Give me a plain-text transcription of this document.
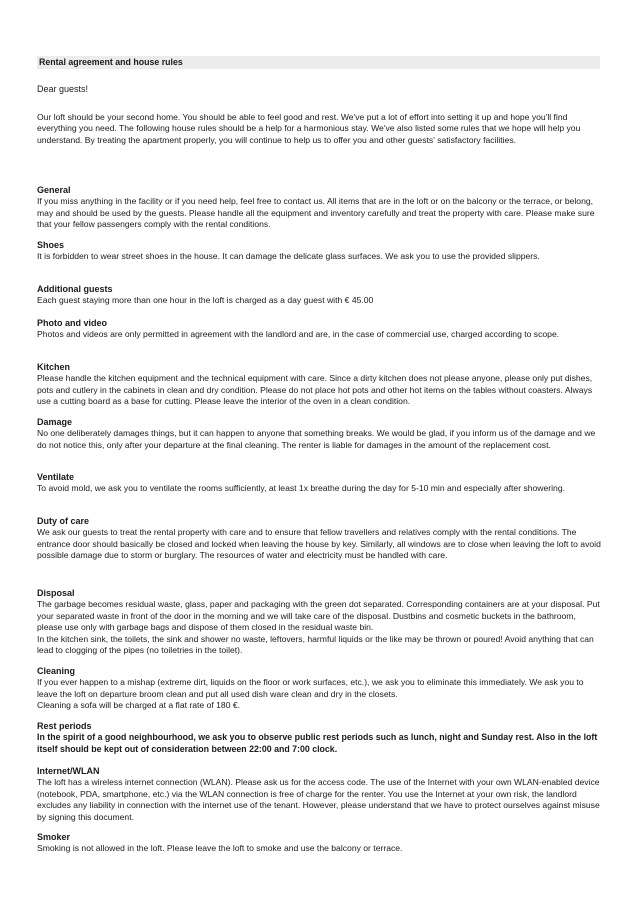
Rental agreement and house rules
Dear guests!
Our loft should be your second home. You should be able to feel good and rest. We've put a lot of effort into setting it up and hope you'll find everything you need. The following house rules should be a help for a harmonious stay. We've also listed some rules that we hope will help you understand. By treating the apartment properly, you will continue to help us to offer you and other guests' satisfactory facilities.

General

If you miss anything in the facility or if you need help, feel free to contact us. All items that are in the loft or on the balcony or the terrace, or belong, may and should be used by the guests. Please handle all the equipment and inventory carefully and treat the property with care. Please make sure that your fellow passengers comply with the rental conditions.

Shoes

It is forbidden to wear street shoes in the house. It can damage the delicate glass surfaces. We ask you to use the provided slippers.

Additional guests

Each guest staying more than one hour in the loft is charged as a day guest with € 45.00

Photo and video

Photos and videos are only permitted in agreement with the landlord and are, in the case of commercial use, charged according to scope.

Kitchen

Please handle the kitchen equipment and the technical equipment with care. Since a dirty kitchen does not please anyone, please only put dishes, pots and cutlery in the cabinets in clean and dry condition. Please do not place hot pots and other hot items on the tables without coasters. Always use a cutting board as a base for cutting. Please leave the interior of the oven in a clean condition.

Damage

No one deliberately damages things, but it can happen to anyone that something breaks. We would be glad, if you inform us of the damage and we do not notice this, only after your departure at the final cleaning. The renter is liable for damages in the amount of the replacement cost.

Ventilate

To avoid mold, we ask you to ventilate the rooms sufficiently, at least 1x breathe during the day for 5-10 min and especially after showering.

Duty of care

We ask our guests to treat the rental property with care and to ensure that fellow travellers and relatives comply with the rental conditions. The entrance door should basically be closed and locked when leaving the house by key. Similarly, all windows are to close when leaving the loft to avoid possible damage due to storm or burglary. The resources of water and electricity must be handled with care.

Disposal

The garbage becomes residual waste, glass, paper and packaging with the green dot separated. Corresponding containers are at your disposal. Put your separated waste in front of the door in the morning and we will take care of the disposal. Dustbins and cosmetic buckets in the bathroom, please use only with garbage bags and dispose of them closed in the residual waste bin.

In the kitchen sink, the toilets, the sink and shower no waste, leftovers, harmful liquids or the like may be thrown or poured! Avoid anything that can lead to clogging of the pipes (no toiletries in the toilet).

Cleaning

If you ever happen to a mishap (extreme dirt, liquids on the floor or work surfaces, etc.), we ask you to eliminate this immediately. We ask you to leave the loft on departure broom clean and put all used dish ware clean and dry in the closets.

Cleaning a sofa will be charged at a flat rate of 180 €.

Rest periods

In the spirit of a good neighbourhood, we ask you to observe public rest periods such as lunch, night and Sunday rest. Also in the loft itself should be kept out of consideration between 22:00 and 7:00 clock.

Internet/WLAN

The loft has a wireless internet connection (WLAN). Please ask us for the access code. The use of the Internet with your own WLAN-enabled device (notebook, PDA, smartphone, etc.) via the WLAN connection is free of charge for the renter. You use the Internet at your own risk, the landlord excludes any liability in connection with the internet use of the tenant. However, please understand that we have to protect ourselves against misuse by signing this document.

Smoker

Smoking is not allowed in the loft. Please leave the loft to smoke and use the balcony or terrace.
